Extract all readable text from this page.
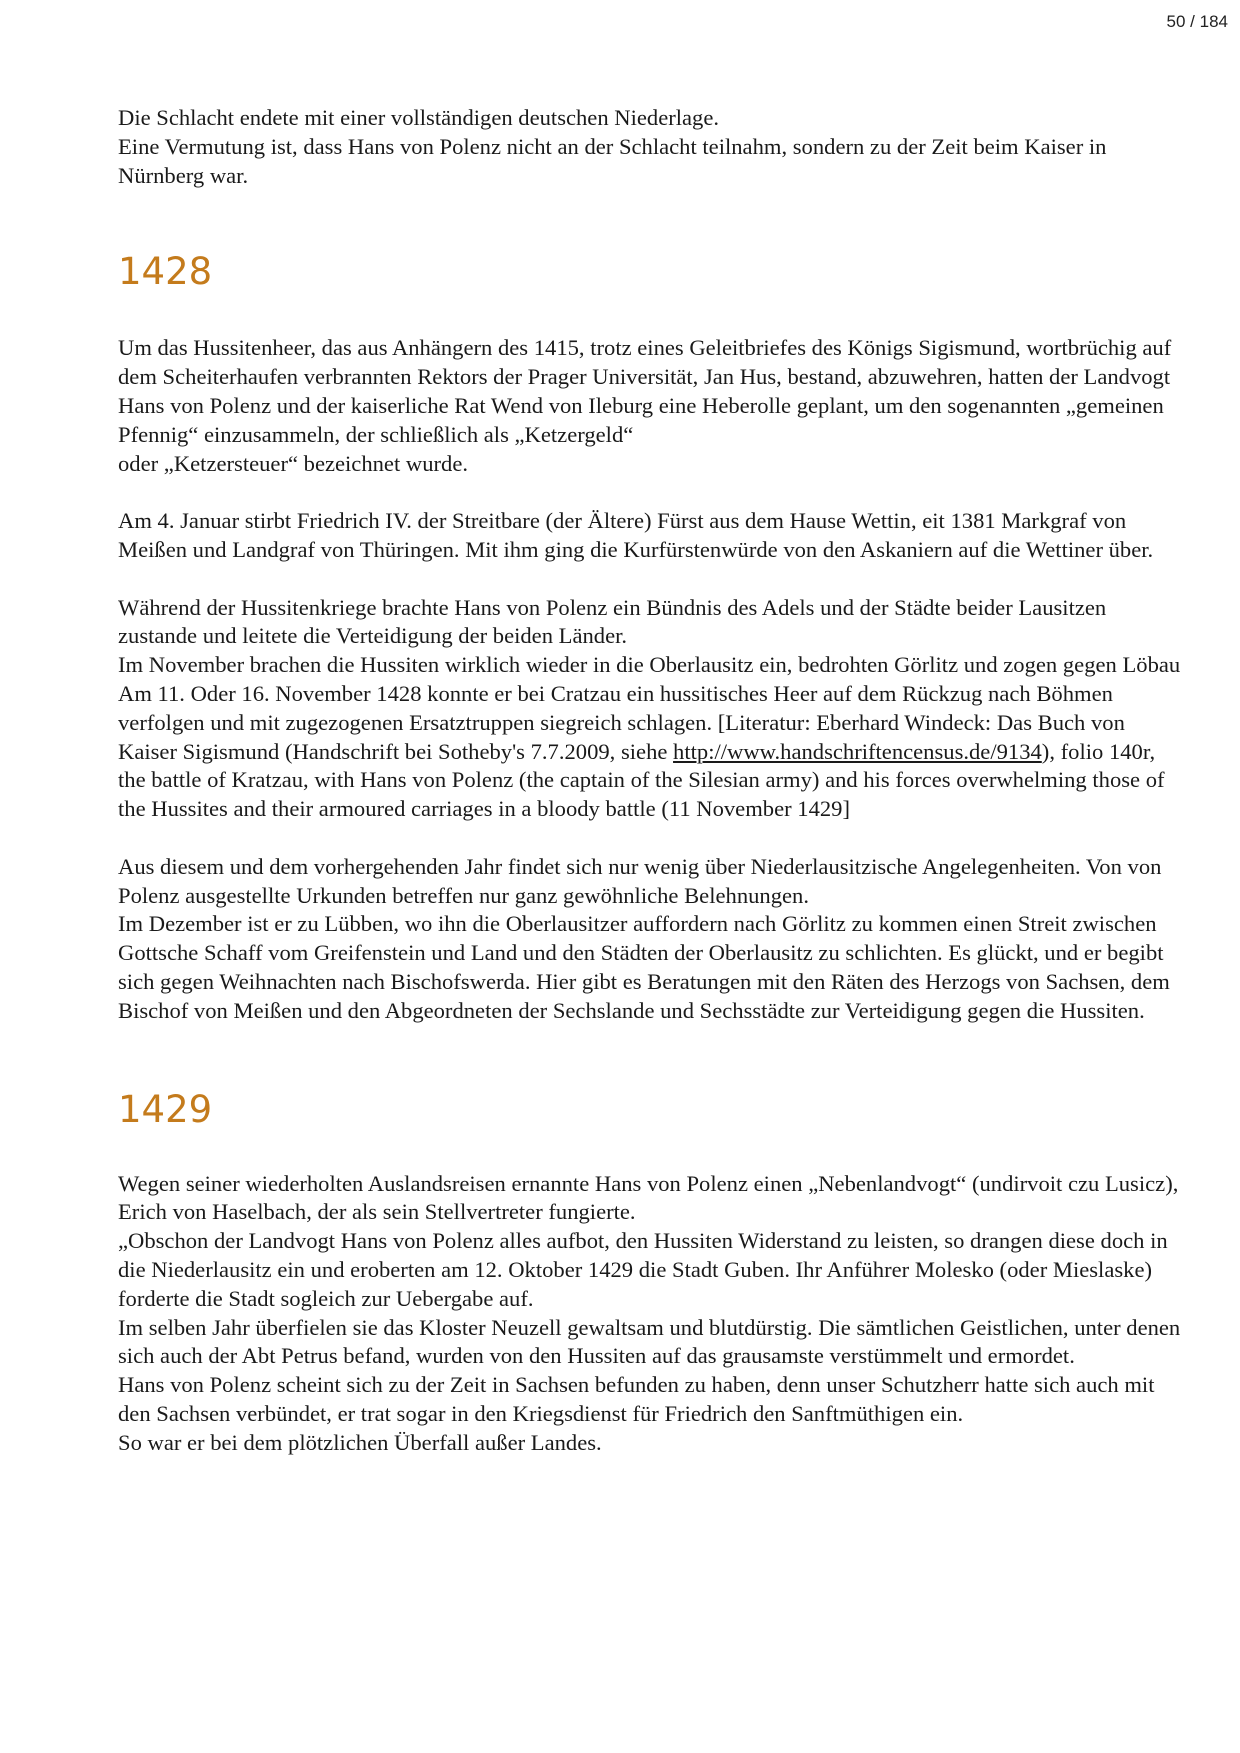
50 / 184

Die Schlacht endete mit einer vollständigen deutschen Niederlage.

Eine Vermutung ist, dass Hans von Polenz nicht an der Schlacht teilnahm, sondern zu der Zeit beim Kaiser in Nürnberg war.

1428

Um das Hussitenheer, das aus Anhängern des 1415, trotz eines Geleitbriefes des Königs Sigismund, wortbrüchig auf dem Scheiterhaufen verbrannten Rektors der Prager Universität, Jan Hus, bestand, abzuwehren, hatten der Landvogt Hans von Polenz und der kaiserliche Rat Wend von Ileburg eine Heberolle geplant, um den sogenannten „gemeinen Pfennig“ einzusammeln, der schließlich als „Ketzergeld“

oder „Ketzersteuer“ bezeichnet wurde.

Am 4. Januar stirbt Friedrich IV. der Streitbare (der Ältere) Fürst aus dem Hause Wettin, eit 1381 Markgraf von Meißen und Landgraf von Thüringen. Mit ihm ging die Kurfürstenwürde von den Askaniern auf die Wettiner über.

Während der Hussitenkriege brachte Hans von Polenz ein Bündnis des Adels und der Städte beider Lausitzen zustande und leitete die Verteidigung der beiden Länder.

Im November brachen die Hussiten wirklich wieder in die Oberlausitz ein, bedrohten Görlitz und zogen gegen Löbau

Am 11. Oder 16. November 1428 konnte er bei Cratzau ein hussitisches Heer auf dem Rückzug nach Böhmen verfolgen und mit zugezogenen Ersatztruppen siegreich schlagen. [Literatur: Eberhard Windeck: Das Buch von Kaiser Sigismund (Handschrift bei Sotheby's 7.7.2009, siehe http://www.handschriftencensus.de/9134), folio 140r, the battle of Kratzau, with Hans von Polenz (the captain of the Silesian army) and his forces overwhelming those of the Hussites and their armoured carriages in a bloody battle (11 November 1429]

Aus diesem und dem vorhergehenden Jahr findet sich nur wenig über Niederlausitzische Angelegenheiten. Von von Polenz ausgestellte Urkunden betreffen nur ganz gewöhnliche Belehnungen.

Im Dezember ist er zu Lübben, wo ihn die Oberlausitzer auffordern nach Görlitz zu kommen einen Streit zwischen Gottsche Schaff vom Greifenstein und Land und den Städten der Oberlausitz zu schlichten. Es glückt, und er begibt sich gegen Weihnachten nach Bischofswerda. Hier gibt es Beratungen mit den Räten des Herzogs von Sachsen, dem Bischof von Meißen und den Abgeordneten der Sechslande und Sechsstädte zur Verteidigung gegen die Hussiten.

1429

Wegen seiner wiederholten Auslandsreisen ernannte Hans von Polenz einen „Nebenlandvogt“ (undirvoit czu Lusicz), Erich von Haselbach, der als sein Stellvertreter fungierte.

„Obschon der Landvogt Hans von Polenz alles aufbot, den Hussiten Widerstand zu leisten, so drangen diese doch in die Niederlausitz ein und eroberten am 12. Oktober 1429 die Stadt Guben. Ihr Anführer Molesko (oder Mieslaske) forderte die Stadt sogleich zur Uebergabe auf.

Im selben Jahr überfielen sie das Kloster Neuzell gewaltsam und blutdürstig. Die sämtlichen Geistlichen, unter denen sich auch der Abt Petrus befand, wurden von den Hussiten auf das grausamste verstümmelt und ermordet.

Hans von Polenz scheint sich zu der Zeit in Sachsen befunden zu haben, denn unser Schutzherr hatte sich auch mit den Sachsen verbündet, er trat sogar in den Kriegsdienst für Friedrich den Sanftmüthigen ein.

So war er bei dem plötzlichen Überfall außer Landes.
